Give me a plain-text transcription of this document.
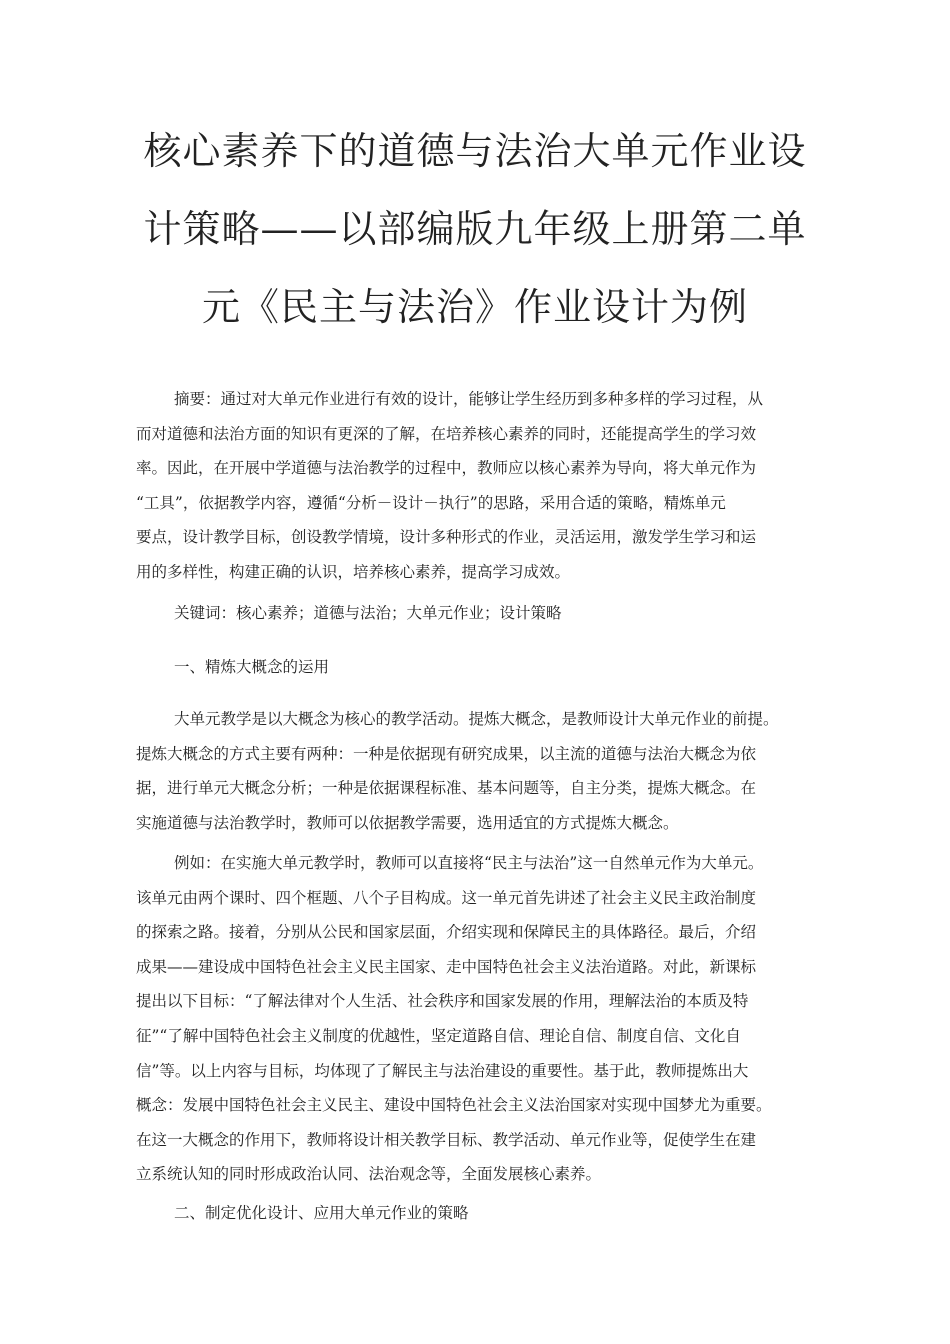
核心素养下的道德与法治大单元作业设
计策略——以部编版九年级上册第二单
元《民主与法治》作业设计为例
摘要：通过对大单元作业进行有效的设计，能够让学生经历到多种多样的学习过程，从
而对道德和法治方面的知识有更深的了解，在培养核心素养的同时，还能提高学生的学习效
率。因此，在开展中学道德与法治教学的过程中，教师应以核心素养为导向，将大单元作为
“工具”，依据教学内容，遵循“分析－设计－执行”的思路，采用合适的策略，精炼单元
要点，设计教学目标，创设教学情境，设计多种形式的作业，灵活运用，激发学生学习和运
用的多样性，构建正确的认识，培养核心素养，提高学习成效。

关键词：核心素养；道德与法治；大单元作业；设计策略

一、精炼大概念的运用

大单元教学是以大概念为核心的教学活动。提炼大概念，是教师设计大单元作业的前提。
提炼大概念的方式主要有两种：一种是依据现有研究成果，以主流的道德与法治大概念为依
据，进行单元大概念分析；一种是依据课程标准、基本问题等，自主分类，提炼大概念。在
实施道德与法治教学时，教师可以依据教学需要，选用适宜的方式提炼大概念。
例如：在实施大单元教学时，教师可以直接将“民主与法治”这一自然单元作为大单元。
该单元由两个课时、四个框题、八个子目构成。这一单元首先讲述了社会主义民主政治制度
的探索之路。接着，分别从公民和国家层面，介绍实现和保障民主的具体路径。最后，介绍
成果——建设成中国特色社会主义民主国家、走中国特色社会主义法治道路。对此，新课标
提出以下目标：“了解法律对个人生活、社会秩序和国家发展的作用，理解法治的本质及特
征”“了解中国特色社会主义制度的优越性，坚定道路自信、理论自信、制度自信、文化自
信”等。以上内容与目标，均体现了了解民主与法治建设的重要性。基于此，教师提炼出大
概念：发展中国特色社会主义民主、建设中国特色社会主义法治国家对实现中国梦尤为重要。
在这一大概念的作用下，教师将设计相关教学目标、教学活动、单元作业等，促使学生在建
立系统认知的同时形成政治认同、法治观念等，全面发展核心素养。

二、制定优化设计、应用大单元作业的策略
